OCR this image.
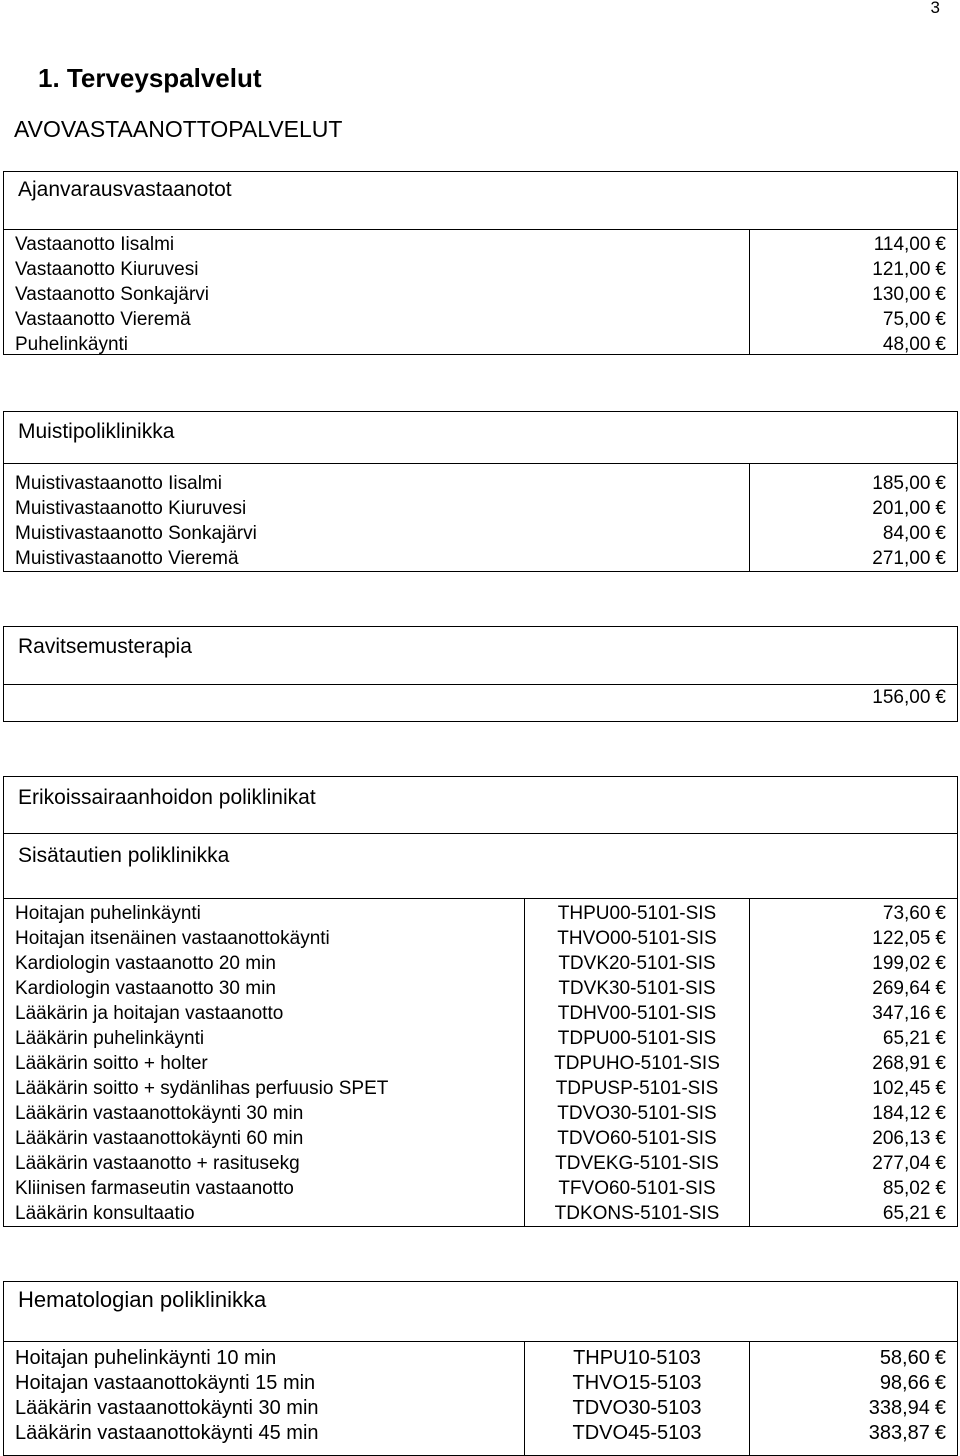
3
1. Terveyspalvelut
AVOVASTAANOTTOPALVELUT
Ajanvarausvastaanotot
Vastaanotto Iisalmi
Vastaanotto Kiuruvesi
Vastaanotto Sonkajärvi
Vastaanotto Vieremä
Puhelinkäynti
114,00 €
121,00 €
130,00 €
75,00 €
48,00 €
Muistipoliklinikka
Muistivastaanotto Iisalmi
Muistivastaanotto Kiuruvesi
Muistivastaanotto Sonkajärvi
Muistivastaanotto Vieremä
185,00 €
201,00 €
84,00 €
271,00 €
Ravitsemusterapia
156,00 €
Erikoissairaanhoidon poliklinikat
Sisätautien poliklinikka
Hoitajan puhelinkäynti
Hoitajan itsenäinen vastaanottokäynti
Kardiologin vastaanotto 20 min
Kardiologin vastaanotto 30 min
Lääkärin ja hoitajan vastaanotto
Lääkärin puhelinkäynti
Lääkärin soitto + holter
Lääkärin soitto + sydänlihas perfuusio SPET
Lääkärin vastaanottokäynti 30 min
Lääkärin vastaanottokäynti 60 min
Lääkärin vastaanotto + rasitusekg
Kliinisen farmaseutin vastaanotto
Lääkärin konsultaatio
THPU00-5101-SIS
THVO00-5101-SIS
TDVK20-5101-SIS
TDVK30-5101-SIS
TDHV00-5101-SIS
TDPU00-5101-SIS
TDPUHO-5101-SIS
TDPUSP-5101-SIS
TDVO30-5101-SIS
TDVO60-5101-SIS
TDVEKG-5101-SIS
TFVO60-5101-SIS
TDKONS-5101-SIS
73,60 €
122,05 €
199,02 €
269,64 €
347,16 €
65,21 €
268,91 €
102,45 €
184,12 €
206,13 €
277,04 €
85,02 €
65,21 €
Hematologian poliklinikka
Hoitajan puhelinkäynti 10 min
Hoitajan vastaanottokäynti 15 min
Lääkärin vastaanottokäynti 30 min
Lääkärin vastaanottokäynti 45 min
THPU10-5103
THVO15-5103
TDVO30-5103
TDVO45-5103
58,60 €
98,66 €
338,94 €
383,87 €
